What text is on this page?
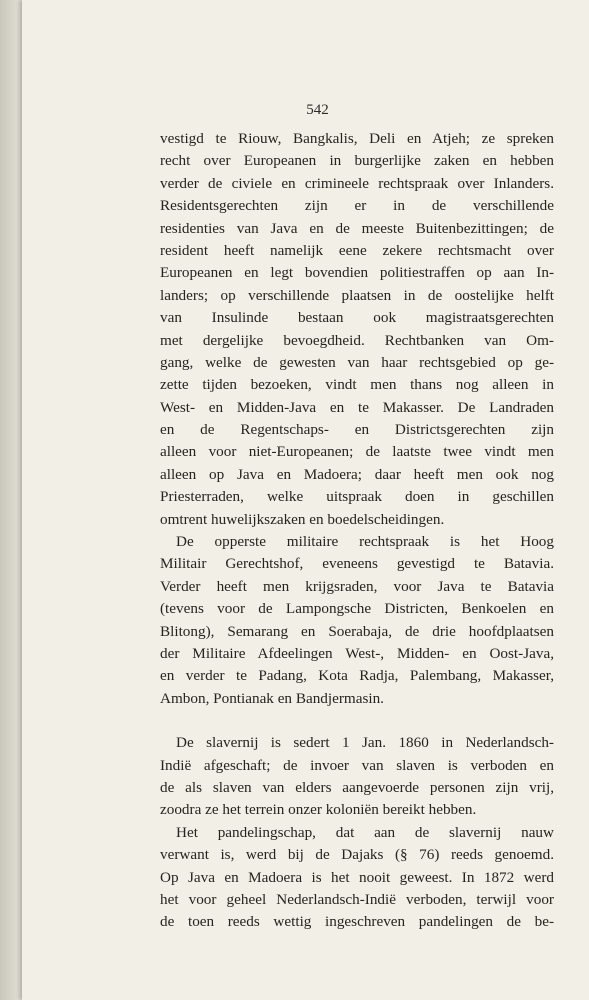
542
vestigd te Riouw, Bangkalis, Deli en Atjeh; ze spreken
recht over Europeanen in burgerlijke zaken en hebben
verder de civiele en crimineele rechtspraak over Inlanders.
Residentsgerechten zijn er in de verschillende
residenties van Java en de meeste Buitenbezittingen; de
resident heeft namelijk eene zekere rechtsmacht over
Europeanen en legt bovendien politiestraffen op aan In-
landers; op verschillende plaatsen in de oostelijke helft
van Insulinde bestaan ook magistraatsgerechten
met dergelijke bevoegdheid. Rechtbanken van Om-
gang, welke de gewesten van haar rechtsgebied op ge-
zette tijden bezoeken, vindt men thans nog alleen in
West- en Midden-Java en te Makasser. De Landraden
en de Regentschaps- en Districtsgerechten zijn
alleen voor niet-Europeanen; de laatste twee vindt men
alleen op Java en Madoera; daar heeft men ook nog
Priesterraden, welke uitspraak doen in geschillen
omtrent huwelijkszaken en boedelscheidingen.
De opperste militaire rechtspraak is het Hoog
Militair Gerechtshof, eveneens gevestigd te Batavia.
Verder heeft men krijgsraden, voor Java te Batavia
(tevens voor de Lampongsche Districten, Benkoelen en
Blitong), Semarang en Soerabaja, de drie hoofdplaatsen
der Militaire Afdeelingen West-, Midden- en Oost-Java,
en verder te Padang, Kota Radja, Palembang, Makasser,
Ambon, Pontianak en Bandjermasin.
De slavernij is sedert 1 Jan. 1860 in Nederlandsch-
Indië afgeschaft; de invoer van slaven is verboden en
de als slaven van elders aangevoerde personen zijn vrij,
zoodra ze het terrein onzer koloniën bereikt hebben.
Het pandelingschap, dat aan de slavernij nauw
verwant is, werd bij de Dajaks (§ 76) reeds genoemd.
Op Java en Madoera is het nooit geweest. In 1872 werd
het voor geheel Nederlandsch-Indië verboden, terwijl voor
de toen reeds wettig ingeschreven pandelingen de be-
